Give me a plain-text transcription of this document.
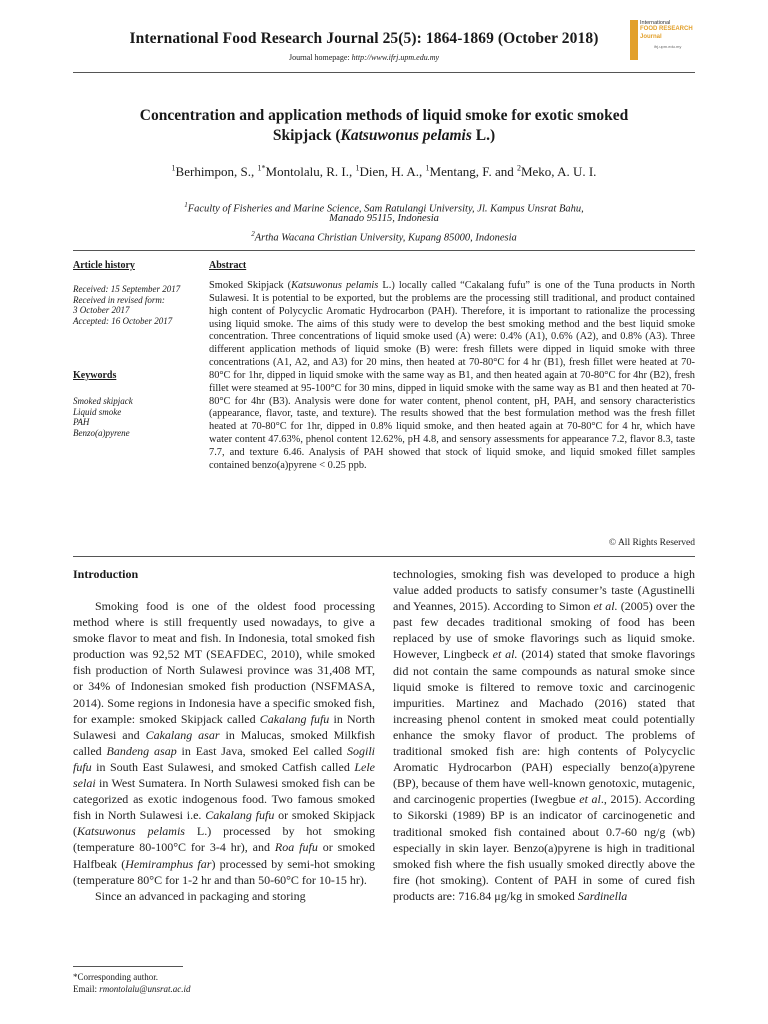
International Food Research Journal 25(5): 1864-1869 (October 2018)
Journal homepage: http://www.ifrj.upm.edu.my
International
FOOD RESEARCH
Journal
ifrj.upm.edu.my
Concentration and application methods of liquid smoke for exotic smoked
Skipjack (Katsuwonus pelamis L.)
$^1$Berhimpon, S., $^{1*}$Montolalu, R. I., $^1$Dien, H. A., $^1$Mentang, F. and $^2$Meko, A. U. I.
$^1$Faculty of Fisheries and Marine Science, Sam Ratulangi University, Jl. Kampus Unsrat Bahu,
Manado 95115, Indonesia
$^2$Artha Wacana Christian University, Kupang 85000, Indonesia
Article history
Received: 15 September 2017
Received in revised form:
3 October 2017
Accepted: 16 October 2017
Keywords
Smoked skipjack
Liquid smoke
PAH
Benzo(a)pyrene
Abstract
Smoked Skipjack (Katsuwonus pelamis L.) locally called “Cakalang fufu” is one of the Tuna products in North Sulawesi. It is potential to be exported, but the problems are the processing still traditional, and product contained high content of Polycyclic Aromatic Hydrocarbon (PAH). Therefore, it is important to rationalize the processing using liquid smoke. The aims of this study were to develop the best smoking method and the best liquid smoke concentration. Three concentrations of liquid smoke used (A) were: 0.4% (A1), 0.6% (A2), and 0.8% (A3). Three different application methods of liquid smoke (B) were: fresh fillets were dipped in liquid smoke with three concentrations (A1, A2, and A3) for 20 mins, then heated at 70-80°C for 4 hr (B1), fresh fillet were heated at 70-80°C for 1hr, dipped in liquid smoke with the same way as B1, and then heated again at 70-80°C for 4hr (B2), fresh fillet were steamed at 95-100°C for 30 mins, dipped in liquid smoke with the same way as B1 and then heated at 70-80°C for 4hr (B3). Analysis were done for water content, phenol content, pH, PAH, and sensory characteristics (appearance, flavor, taste, and texture). The results showed that the best formulation method was the fresh fillet heated at 70-80°C for 1hr, dipped in 0.8% liquid smoke, and then heated again at 70-80°C for 4 hr, which have water content 47.63%, phenol content 12.62%, pH 4.8, and sensory assessments for appearance 7.2, flavor 8.3, taste 7.7, and texture 6.46. Analysis of PAH showed that stock of liquid smoke, and liquid smoked fillet samples contained benzo(a)pyrene < 0.25 ppb.
© All Rights Reserved
Introduction

Smoking food is one of the oldest food processing method where is still frequently used nowadays, to give a smoke flavor to meat and fish. In Indonesia, total smoked fish production was 92,52 MT (SEAFDEC, 2010), while smoked fish production of North Sulawesi province was 31,408 MT, or 34% of Indonesian smoked fish production (NSFMASA, 2014). Some regions in Indonesia have a specific smoked fish, for example: smoked Skipjack called Cakalang fufu in North Sulawesi and Cakalang asar in Malucas, smoked Milkfish called Bandeng asap in East Java, smoked Eel called Sogili fufu in South East Sulawesi, and smoked Catfish called Lele selai in West Sumatera. In North Sulawesi smoked fish can be categorized as exotic indogenous food. Two famous smoked fish in North Sulawesi i.e. Cakalang fufu or smoked Skipjack (Katsuwonus pelamis L.) processed by hot smoking (temperature 80-100°C for 3-4 hr), and Roa fufu or smoked Halfbeak (Hemiramphus far) processed by semi-hot smoking (temperature 80°C for 1-2 hr and than 50-60°C for 10-15 hr).

Since an advanced in packaging and storing

technologies, smoking fish was developed to produce a high value added products to satisfy consumer’s taste (Agustinelli and Yeannes, 2015). According to Simon et al. (2005) over the past few decades traditional smoking of food has been replaced by use of smoke flavorings such as liquid smoke. However, Lingbeck et al. (2014) stated that smoke flavorings did not contain the same compounds as natural smoke since liquid smoke is filtered to remove toxic and carcinogenic impurities. Martinez and Machado (2016) stated that increasing phenol content in smoked meat could potentially enhance the smoky flavor of product. The problems of traditional smoked fish are: high contents of Polycyclic Aromatic Hydrocarbon (PAH) especially benzo(a)pyrene (BP), because of them have well-known genotoxic, mutagenic, and carcinogenic properties (Iwegbue et al., 2015). According to Sikorski (1989) BP is an indicator of carcinogenetic and traditional smoked fish contained about 0.7-60 ng/g (wb) especially in skin layer. Benzo(a)pyrene is high in traditional smoked fish where the fish usually smoked directly above the fire (hot smoking). Content of PAH in some of cured fish products are: 716.84 μg/kg in smoked Sardinella

*Corresponding author.
Email: rmontolalu@unsrat.ac.id
